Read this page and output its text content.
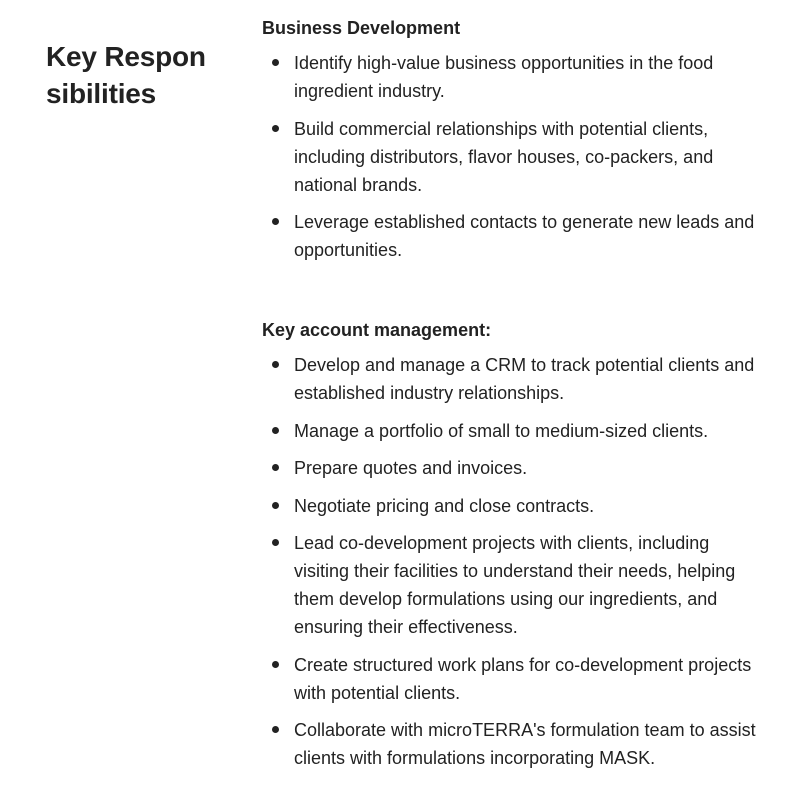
Key Responsibilities
Business Development
Identify high-value business opportunities in the food ingredient industry.
Build commercial relationships with potential clients, including distributors, flavor houses, co-packers, and national brands.
Leverage established contacts to generate new leads and opportunities.
Key account management:
Develop and manage a CRM to track potential clients and established industry relationships.
Manage a portfolio of small to medium-sized clients.
Prepare quotes and invoices.
Negotiate pricing and close contracts.
Lead co-development projects with clients, including visiting their facilities to understand their needs, helping them develop formulations using our ingredients, and ensuring their effectiveness.
Create structured work plans for co-development projects with potential clients.
Collaborate with microTERRA's formulation team to assist clients with formulations incorporating MASK.
